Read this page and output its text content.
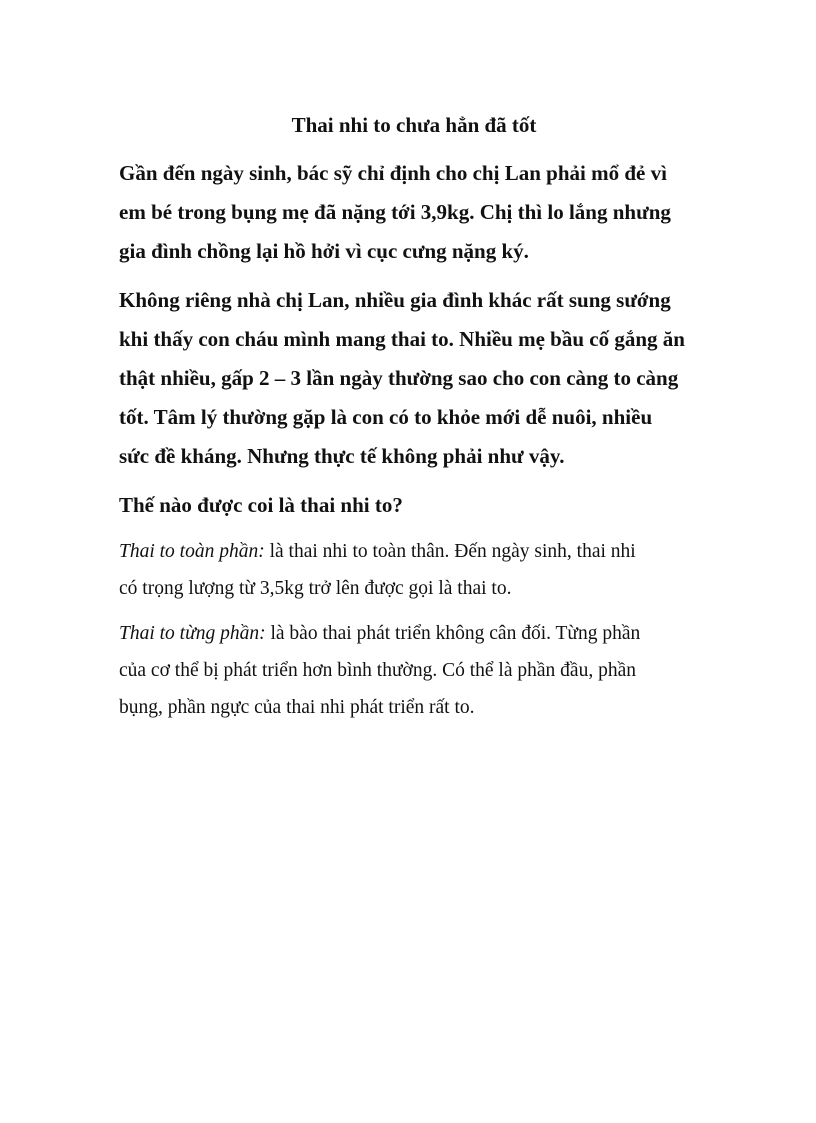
Thai nhi to chưa hẳn đã tốt

Gần đến ngày sinh, bác sỹ chỉ định cho chị Lan phải mổ đẻ vì
em bé trong bụng mẹ đã nặng tới 3,9kg. Chị thì lo lắng nhưng
gia đình chồng lại hồ hởi vì cục cưng nặng ký.

Không riêng nhà chị Lan, nhiều gia đình khác rất sung sướng
khi thấy con cháu mình mang thai to. Nhiều mẹ bầu cố gắng ăn
thật nhiều, gấp 2 – 3 lần ngày thường sao cho con càng to càng
tốt. Tâm lý thường gặp là con có to khỏe mới dễ nuôi, nhiều
sức đề kháng. Nhưng thực tế không phải như vậy.

Thế nào được coi là thai nhi to?

Thai to toàn phần: là thai nhi to toàn thân. Đến ngày sinh, thai nhi
có trọng lượng từ 3,5kg trở lên được gọi là thai to.

Thai to từng phần: là bào thai phát triển không cân đối. Từng phần
của cơ thể bị phát triển hơn bình thường. Có thể là phần đầu, phần
bụng, phần ngực của thai nhi phát triển rất to.
